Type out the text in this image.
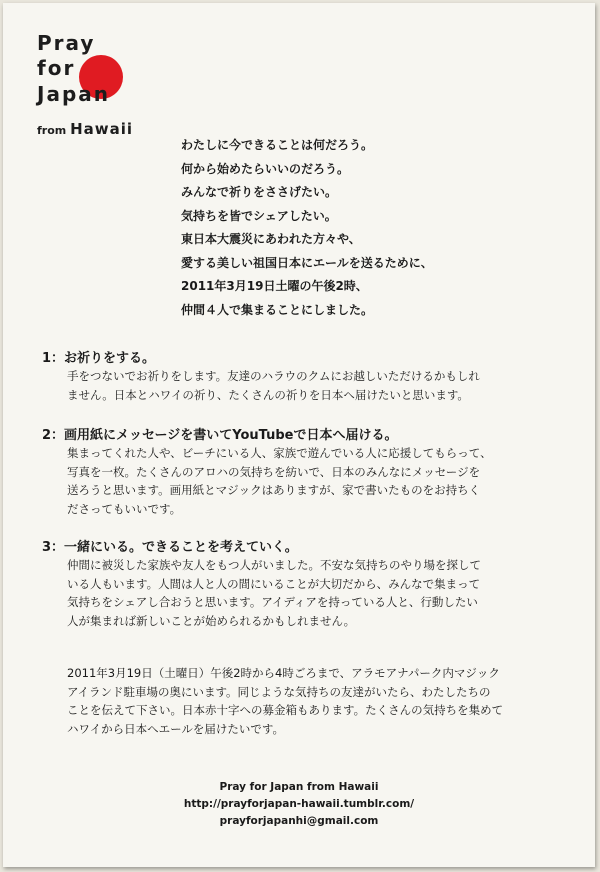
Pray
for
Japan
from Hawaii
わたしに今できることは何だろう。
何から始めたらいいのだろう。
みんなで祈りをささげたい。
気持ちを皆でシェアしたい。
東日本大震災にあわれた方々や、
愛する美しい祖国日本にエールを送るために、
2011年3月19日土曜の午後2時、
仲間４人で集まることにしました。
1：お祈りをする。
手をつないでお祈りをします。友達のハラウのクムにお越しいただけるかもしれ
ません。日本とハワイの祈り、たくさんの祈りを日本へ届けたいと思います。
2：画用紙にメッセージを書いてYouTubeで日本へ届ける。
集まってくれた人や、ビーチにいる人、家族で遊んでいる人に応援してもらって、
写真を一枚。たくさんのアロハの気持ちを紡いで、日本のみんなにメッセージを
送ろうと思います。画用紙とマジックはありますが、家で書いたものをお持ちく
ださってもいいです。
3：一緒にいる。できることを考えていく。
仲間に被災した家族や友人をもつ人がいました。不安な気持ちのやり場を探して
いる人もいます。人間は人と人の間にいることが大切だから、みんなで集まって
気持ちをシェアし合おうと思います。アイディアを持っている人と、行動したい
人が集まれば新しいことが始められるかもしれません。
2011年3月19日（土曜日）午後2時から4時ごろまで、アラモアナパーク内マジック
アイランド駐車場の奥にいます。同じような気持ちの友達がいたら、わたしたちの
ことを伝えて下さい。日本赤十字への募金箱もあります。たくさんの気持ちを集めて
ハワイから日本へエールを届けたいです。
Pray for Japan from Hawaii
http://prayforjapan-hawaii.tumblr.com/
prayforjapanhi@gmail.com
